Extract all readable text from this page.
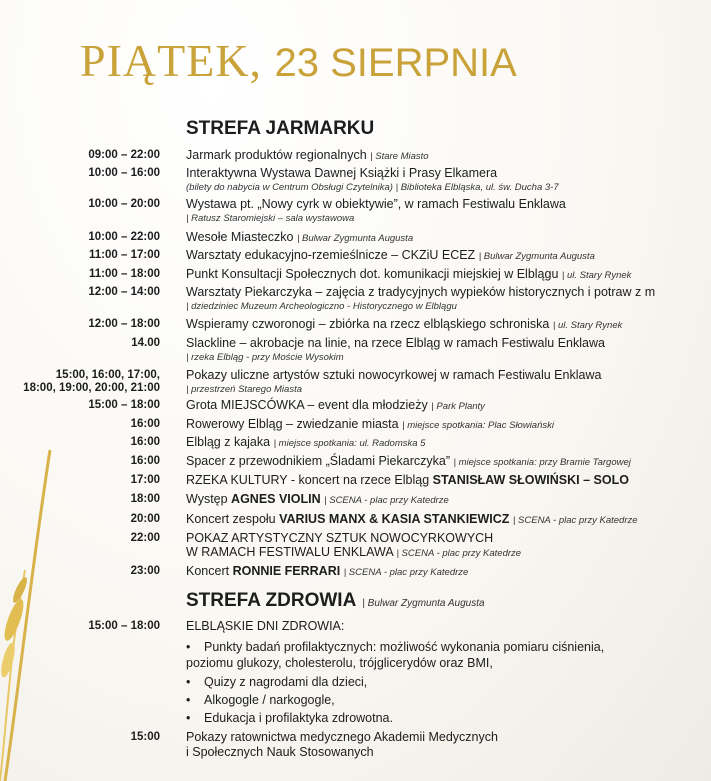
PIĄTEK, 23 SIERPNIA
STREFA JARMARKU
09:00 – 22:00 Jarmark produktów regionalnych | Stare Miasto
10:00 – 16:00 Interaktywna Wystawa Dawnej Książki i Prasy Elkamera
(bilety do nabycia w Centrum Obsługi Czytelnika) | Biblioteka Elbląska, ul. św. Ducha 3-7
10:00 – 20:00 Wystawa pt. „Nowy cyrk w obiektywie”, w ramach Festiwalu Enklawa
| Ratusz Staromiejski – sala wystawowa
10:00 – 22:00 Wesołe Miasteczko | Bulwar Zygmunta Augusta
11:00 – 17:00 Warsztaty edukacyjno-rzemieślnicze – CKZiU ECEZ | Bulwar Zygmunta Augusta
11:00 – 18:00 Punkt Konsultacji Społecznych dot. komunikacji miejskiej w Elblągu | ul. Stary Rynek
12:00 – 14:00 Warsztaty Piekarczyka – zajęcia z tradycyjnych wypieków historycznych i potraw z m
| dziedziniec Muzeum Archeologiczno - Historycznego w Elblągu
12:00 – 18:00 Wspieramy czworonogi – zbiórka na rzecz elbląskiego schroniska | ul. Stary Rynek
14.00 Slackline – akrobacje na linie, na rzece Elbląg w ramach Festiwalu Enklawa
| rzeka Elbląg - przy Moście Wysokim
15:00, 16:00, 17:00,
18:00, 19:00, 20:00, 21:00
Pokazy uliczne artystów sztuki nowocyrkowej w ramach Festiwalu Enklawa
| przestrzeń Starego Miasta
15:00 – 18:00 Grota MIEJSCÓWKA – event dla młodzieży | Park Planty
16:00 Rowerowy Elbląg – zwiedzanie miasta | miejsce spotkania: Plac Słowiański
16:00 Elbląg z kajaka | miejsce spotkania: ul. Radomska 5
16:00 Spacer z przewodnikiem „Śladami Piekarczyka” | miejsce spotkania: przy Bramie Targowej
17:00 RZEKA KULTURY - koncert na rzece Elbląg STANISŁAW SŁOWIŃSKI – SOLO
18:00 Występ AGNES VIOLIN | SCENA - plac przy Katedrze
20:00 Koncert zespołu VARIUS MANX & KASIA STANKIEWICZ | SCENA - plac przy Katedrze
22:00 POKAZ ARTYSTYCZNY SZTUK NOWOCYRKOWYCH
W RAMACH FESTIWALU ENKLAWA | SCENA - plac przy Katedrze
23:00 Koncert RONNIE FERRARI | SCENA - plac przy Katedrze
STREFA ZDROWIA | Bulwar Zygmunta Augusta
15:00 – 18:00 ELBLĄSKIE DNI ZDROWIA:
• Punkty badań profilaktycznych: możliwość wykonania pomiaru ciśnienia,
poziomu glukozy, cholesterolu, trójglicerydów oraz BMI,
• Quizy z nagrodami dla dzieci,
• Alkogogle / narkogogle,
• Edukacja i profilaktyka zdrowotna.
15:00 Pokazy ratownictwa medycznego Akademii Medycznych
i Społecznych Nauk Stosowanych
